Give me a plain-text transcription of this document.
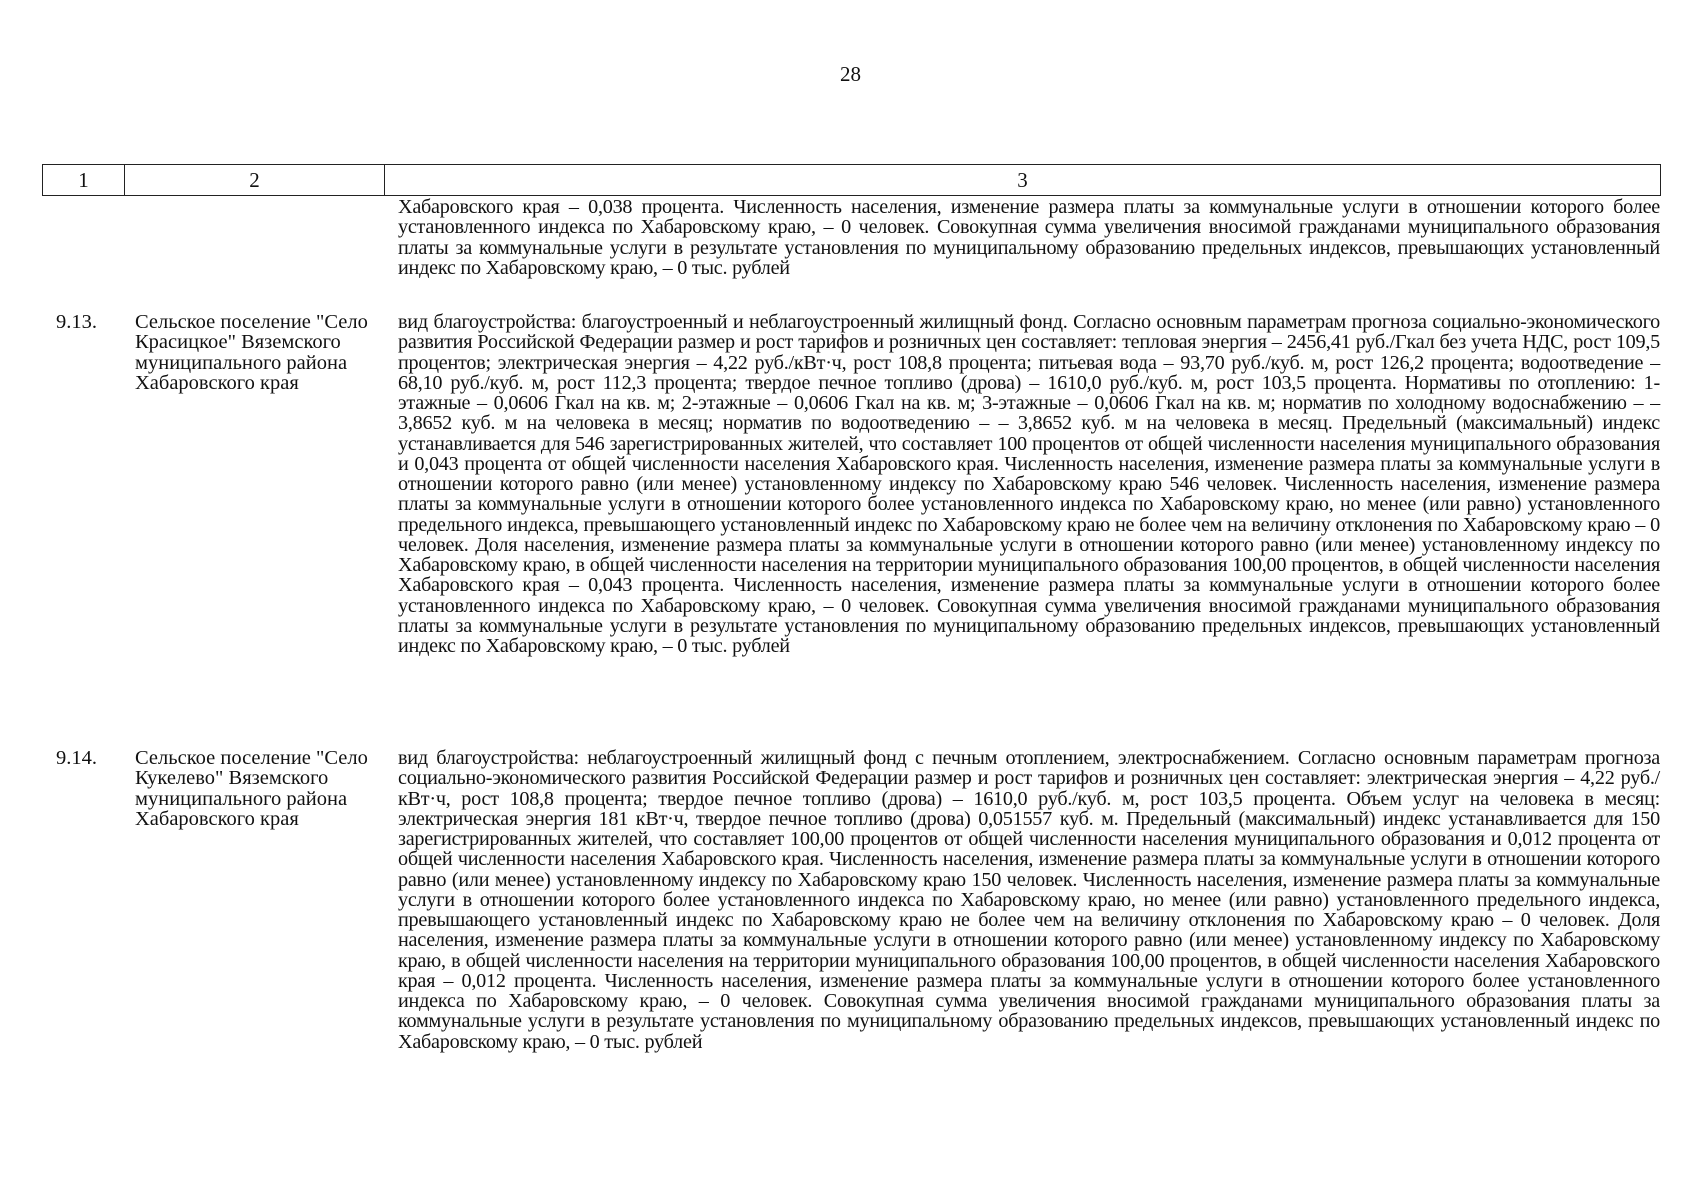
28
1	2	3
Хабаровского края – 0,038 процента. Численность населения, изменение размера платы за коммунальные услуги в отношении которого более установленного индекса по Хабаровскому краю, – 0 человек. Совокупная сумма увеличения вносимой гражданами муниципального образования платы за коммунальные услуги в результате установления по муниципальному образованию предельных индексов, превышающих установленный индекс по Хабаровскому краю, – 0 тыс. рублей
9.13. Сельское поселение "Село Красицкое" Вяземского муниципального района Хабаровского края
вид благоустройства: благоустроенный и неблагоустроенный жилищный фонд. Согласно основным параметрам прогноза социально-экономического развития Российской Федерации размер и рост тарифов и розничных цен составляет: тепловая энергия – 2456,41 руб./Гкал без учета НДС, рост 109,5 процентов; электрическая энергия – 4,22 руб./кВт·ч, рост 108,8 процента; питьевая вода – 93,70 руб./куб. м, рост 126,2 процента; водоотведение – 68,10 руб./куб. м, рост 112,3 процента; твердое печное топливо (дрова) – 1610,0 руб./куб. м, рост 103,5 процента. Нормативы по отоплению: 1-этажные – 0,0606 Гкал на кв. м; 2-этажные – 0,0606 Гкал на кв. м; 3-этажные – 0,0606 Гкал на кв. м; норматив по холодному водоснабжению – – 3,8652 куб. м на человека в месяц; норматив по водоотведению – – 3,8652 куб. м на человека в месяц. Предельный (максимальный) индекс устанавливается для 546 зарегистрированных жителей, что составляет 100 процентов от общей численности населения муниципального образования и 0,043 процента от общей численности населения Хабаровского края. Численность населения, изменение размера платы за коммунальные услуги в отношении которого равно (или менее) установленному индексу по Хабаровскому краю 546 человек. Численность населения, изменение размера платы за коммунальные услуги в отношении которого более установленного индекса по Хабаровскому краю, но менее (или равно) установленного предельного индекса, превышающего установленный индекс по Хабаровскому краю не более чем на величину отклонения по Хабаровскому краю – 0 человек. Доля населения, изменение размера платы за коммунальные услуги в отношении которого равно (или менее) установленному индексу по Хабаровскому краю, в общей численности населения на территории муниципального образования 100,00 процентов, в общей численности населения Хабаровского края – 0,043 процента. Численность населения, изменение размера платы за коммунальные услуги в отношении которого более установленного индекса по Хабаровскому краю, – 0 человек. Совокупная сумма увеличения вносимой гражданами муниципального образования платы за коммунальные услуги в результате установления по муниципальному образованию предельных индексов, превышающих установленный индекс по Хабаровскому краю, – 0 тыс. рублей
9.14. Сельское поселение "Село Кукелево" Вяземского муниципального района Хабаровского края
вид благоустройства: неблагоустроенный жилищный фонд с печным отоплением, электроснабжением. Согласно основным параметрам прогноза социально-экономического развития Российской Федерации размер и рост тарифов и розничных цен составляет: электрическая энергия – 4,22 руб./кВт·ч, рост 108,8 процента; твердое печное топливо (дрова) – 1610,0 руб./куб. м, рост 103,5 процента. Объем услуг на человека в месяц: электрическая энергия 181 кВт·ч, твердое печное топливо (дрова) 0,051557 куб. м. Предельный (максимальный) индекс устанавливается для 150 зарегистрированных жителей, что составляет 100,00 процентов от общей численности населения муниципального образования и 0,012 процента от общей численности населения Хабаровского края. Численность населения, изменение размера платы за коммунальные услуги в отношении которого равно (или менее) установленному индексу по Хабаровскому краю 150 человек. Численность населения, изменение размера платы за коммунальные услуги в отношении которого более установленного индекса по Хабаровскому краю, но менее (или равно) установленного предельного индекса, превышающего установленный индекс по Хабаровскому краю не более чем на величину отклонения по Хабаровскому краю – 0 человек. Доля населения, изменение размера платы за коммунальные услуги в отношении которого равно (или менее) установленному индексу по Хабаровскому краю, в общей численности населения на территории муниципального образования 100,00 процентов, в общей численности населения Хабаровского края – 0,012 процента. Численность населения, изменение размера платы за коммунальные услуги в отношении которого более установленного индекса по Хабаровскому краю, – 0 человек. Совокупная сумма увеличения вносимой гражданами муниципального образования платы за коммунальные услуги в результате установления по муниципальному образованию предельных индексов, превышающих установленный индекс по Хабаровскому краю, – 0 тыс. рублей
